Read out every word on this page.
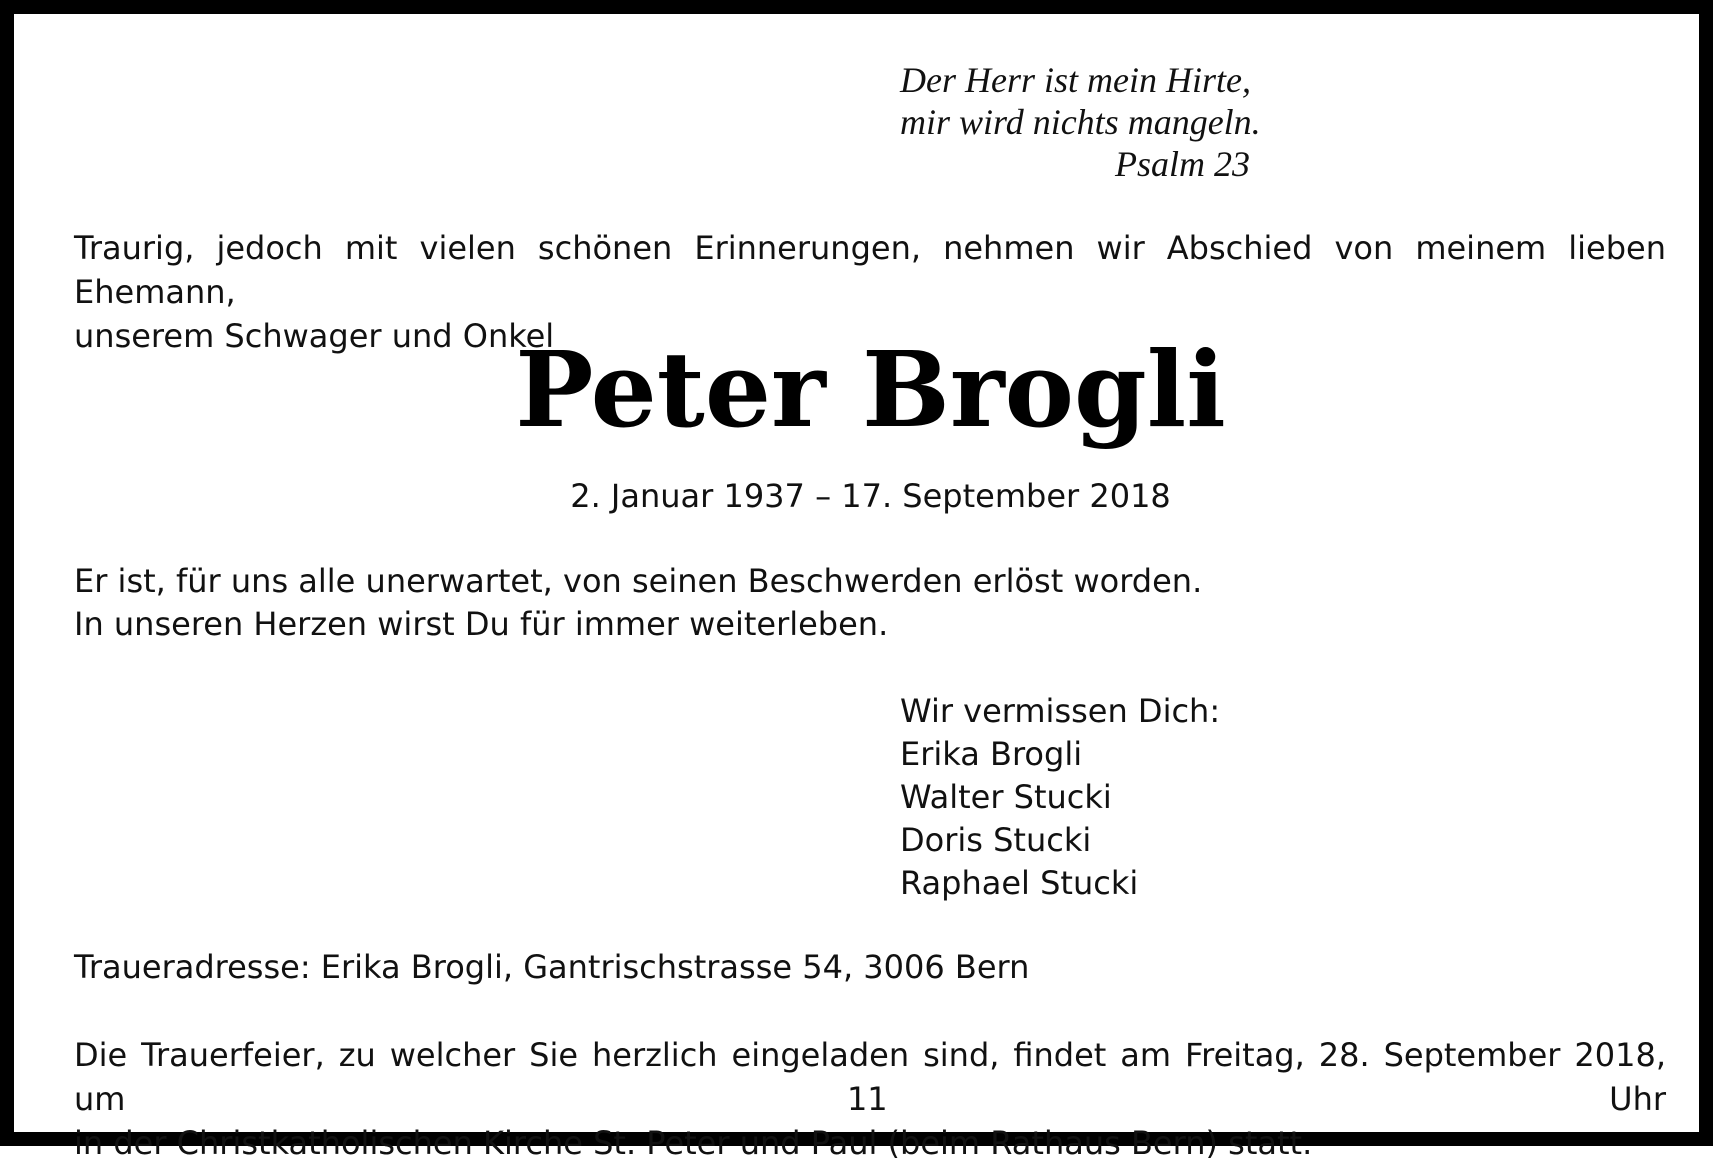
Der Herr ist mein Hirte,
mir wird nichts mangeln.
Psalm 23
Traurig, jedoch mit vielen schönen Erinnerungen, nehmen wir Abschied von meinem lieben Ehemann,
unserem Schwager und Onkel
Peter Brogli

2. Januar 1937 – 17. September 2018

Er ist, für uns alle unerwartet, von seinen Beschwerden erlöst worden.
In unseren Herzen wirst Du für immer weiterleben.
Wir vermissen Dich:
Erika Brogli
Walter Stucki
Doris Stucki
Raphael Stucki
Traueradresse: Erika Brogli, Gantrischstrasse 54, 3006 Bern
Die Trauerfeier, zu welcher Sie herzlich eingeladen sind, findet am Freitag, 28. September 2018, um 11 Uhr
in der Christkatholischen Kirche St. Peter und Paul (beim Rathaus Bern) statt.
